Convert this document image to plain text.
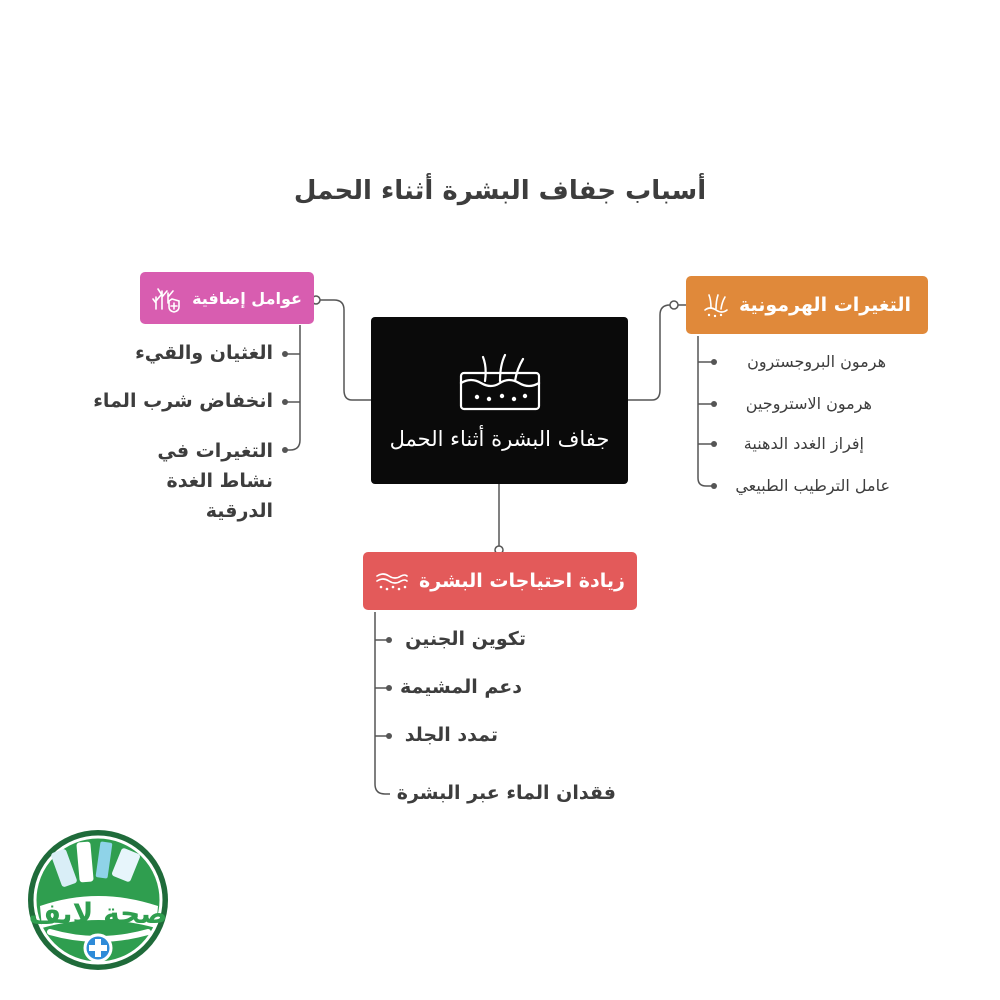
أسباب جفاف البشرة أثناء الحمل
جفاف البشرة أثناء الحمل
التغيرات الهرمونية
هرمون البروجسترون
هرمون الاستروجين
إفراز الغدد الدهنية
عامل الترطيب الطبيعي
عوامل إضافية
الغثيان والقيء
انخفاض شرب الماء
التغيرات في نشاط الغدة الدرقية
زيادة احتياجات البشرة
تكوين الجنين
دعم المشيمة
تمدد الجلد
فقدان الماء عبر البشرة
صحة لايف
